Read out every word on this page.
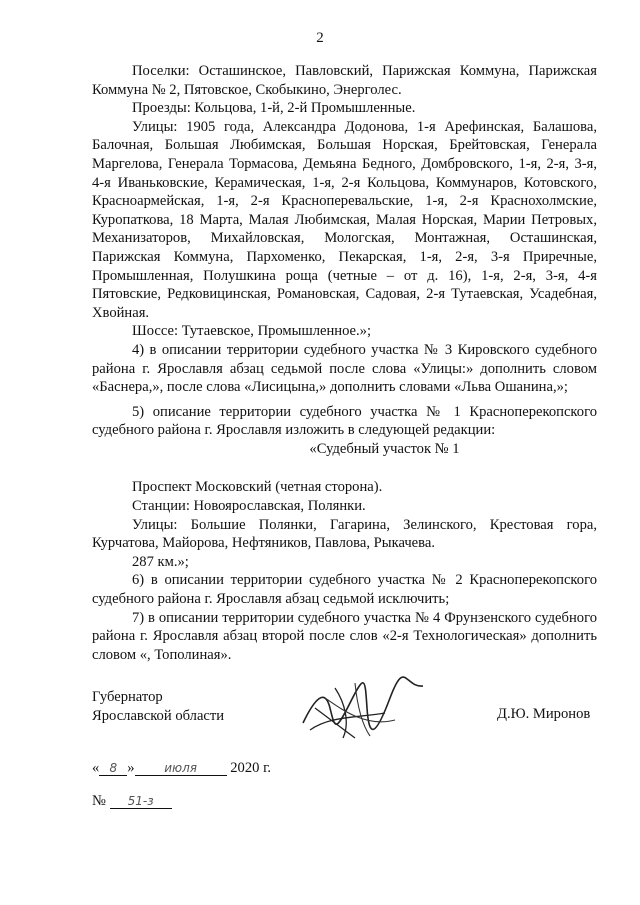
2

Поселки: Осташинское, Павловский, Парижская Коммуна, Парижская Коммуна № 2, Пятовское, Скобыкино, Энерголес.

Проезды: Кольцова, 1-й, 2-й Промышленные.

Улицы: 1905 года, Александра Додонова, 1-я Арефинская, Балашова, Балочная, Большая Любимская, Большая Норская, Брейтовская, Генерала Маргелова, Генерала Тормасова, Демьяна Бедного, Домбровского, 1-я, 2-я, 3-я, 4-я Иваньковские, Керамическая, 1-я, 2-я Кольцова, Коммунаров, Котовского, Красноармейская, 1-я, 2-я Красноперевальские, 1-я, 2-я Краснохолмские, Куропаткова, 18 Марта, Малая Любимская, Малая Норская, Марии Петровых, Механизаторов, Михайловская, Мологская, Монтажная, Осташинская, Парижская Коммуна, Пархоменко, Пекарская, 1-я, 2-я, 3-я Приречные, Промышленная, Полушкина роща (четные – от д. 16), 1-я, 2-я, 3-я, 4-я Пятовские, Редковицинская, Романовская, Садовая, 2-я Тутаевская, Усадебная, Хвойная.

Шоссе: Тутаевское, Промышленное.»;

4) в описании территории судебного участка № 3 Кировского судебного района г. Ярославля абзац седьмой после слова «Улицы:» дополнить словом «Баснера,», после слова «Лисицына,» дополнить словами «Льва Ошанина,»;

5) описание территории судебного участка № 1 Красноперекопского судебного района г. Ярославля изложить в следующей редакции:

«Судебный участок № 1

Проспект Московский (четная сторона).

Станции: Новоярославская, Полянки.

Улицы: Большие Полянки, Гагарина, Зелинского, Крестовая гора, Курчатова, Майорова, Нефтяников, Павлова, Рыкачева.

287 км.»;

6) в описании территории судебного участка № 2 Красноперекопского судебного района г. Ярославля абзац седьмой исключить;

7) в описании территории судебного участка № 4 Фрунзенского судебного района г. Ярославля абзац второй после слов «2-я Технологическая» дополнить словом «, Тополиная».

Губернатор
Ярославской области	Д.Ю. Миронов
« 8 » июля 2020 г.
№ 51-з
